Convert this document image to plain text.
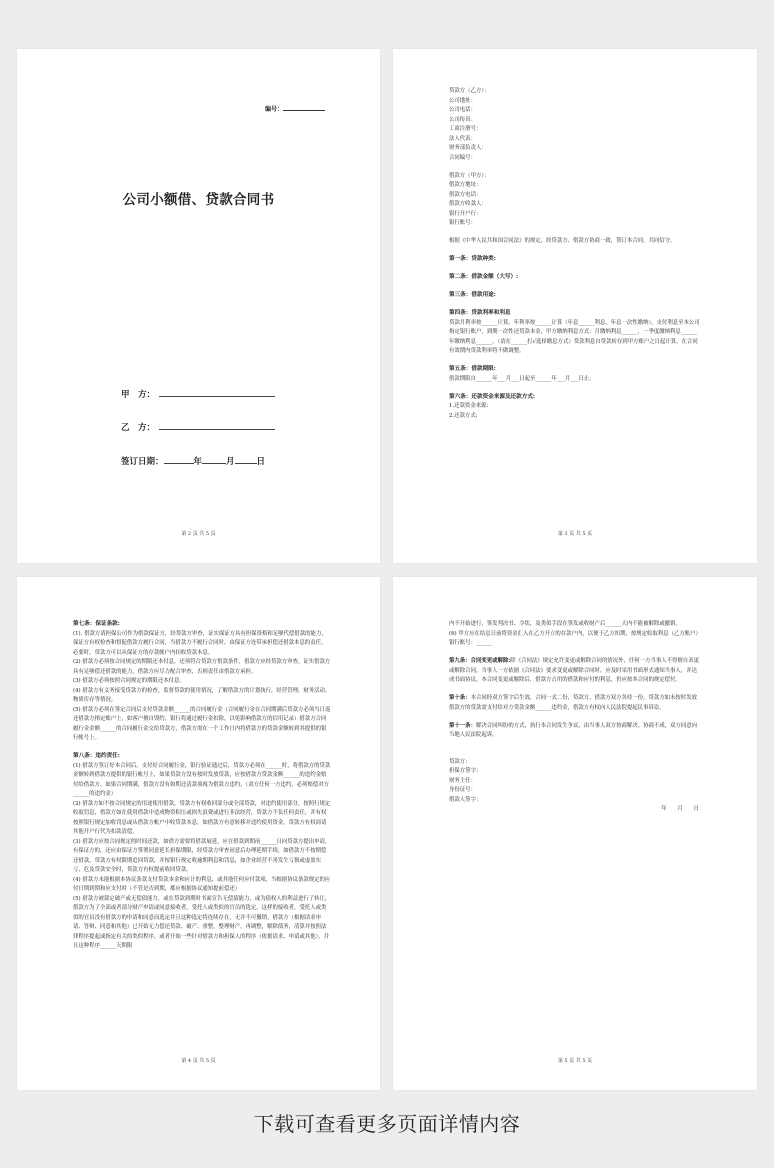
编号：
公司小额借、贷款合同书
甲　方：
乙　方：
签订日期：	年	月	日
第 2 页 共 5 页
贷款方（乙方）：
公司地址：
公司电话：
公司传真：
工商注册号：
法人代表：
财务部负责人：
合同编号：
借款方（甲方）：
借款方地址：
借款方电话：
借款方收款人：
银行开户行：
银行账号：
根据《中华人民共和国合同法》的规定，经贷款方、借款方协商一致，签订本合同，共同信守。
第一条：贷款种类:
第二条：借款金额（大写）:
第三条：借款用途:
第四条：贷款利率和利息
贷款月利率按______计算，年利率按______计算（年息______利息，年息一次性缴纳），支付利息至本公司指定银行账户，到期一次性还贷款本金，甲方缴纳利息方式：月缴纳利息______，一季度缴纳利息______年缴纳利息______。（请在______打√选择缴息方式）贷款利息自贷款转存到甲方账户之日起计算，在合同有效期内贷款利率将不做调整。
第五条：借款期限:
借款期限自______年___月___日起至______年___月___日止。
第六条：还款资金来源及还款方式:
1.还款资金来源:
2.还款方式:
第 3 页 共 5 页
第七条：保证条款:
(1). 借款方请担保公司作为借款保证方，经贷款方审查，证实保证方具有担保资格和足够代偿借款的能力，保证方有权检查和督促借款方履行合同，当借款方不履行合同时，由保证方连带承担偿还借款本息的责任。必要时，贷款方可以从保证方的存款帐户内扣收贷款本息。
(2) 借款方必须按合同规定的期限还本付息，还须符合贷款方借款条件，借款方应经贷款方审查，证实借款方具有足够偿还借款的能力，借款方应尽力配合审查，否则责任由借款方承担。
(3) 借款方必须按照合同规定的期限还本付息。
(4) 借款方有义务接受贷款方的检查，监督贷款的使用情况，了解借款方的计划执行，经营管理，财务活动、物质库存等情况。
(5) 借款方必须在签定合同后支付贷款金额______的合同履行金（合同履行金在合同期满后贷款方必须当日返还借款方指定账户上，如客户擅自毁约，银行将通过履行金扣除，以免影响借款方的信用记录）借款方合同履行金金额______的合同履行金交给贷款方，借款方需在一个工作日内将借款方的贷款金额转到其提供的银行帐号上。
第八条：违约责任:
(1) 借款方签订好本合同后，支付好合同履行金，银行验证通过后，贷款方必须在______时，将借款方的贷款金额转到借款方提供的银行帐号上，如果贷款方没有按时发放贷款，应按借款方贷款金额______的违约金赔付给借款方，如果合同期满，借款方没有如期还清款项视为借款方违约。（双方任何一方违约，必须赔偿对方______的违约金）
(2) 借款方如不按合同规定的用途使用借款，贷款方有权收回部分或全部贷款，对违约使用部分，按照行规定收取罚息，借款方如在使用借款中造成物资积压或损失浪费或进行非法经营，贷款方不负任何责任，并有权按照银行规定加收罚息或从借款方帐户中收贷款本息，如借款方有意转移并违约使用资金，贷款方有权商请其他开户行代为扣款清偿。
(3) 借款方应按合同规定的时间还款，如借方需要将借款展延，应在借款到期前______日向贷款方提出申请，有保证方的，还应由保证方签署同意延长担保期限，经贷款方审查同意后办理延期手续，如借款方不按期偿还借款，贷款方有权限期追回贷款，并按银行规定收逾期利息和罚息，如企业经营不善发生亏损或虚盈实亏，危及贷款安全时，贷款方有权提前收回贷款。
(4) 借款方未能根据本协议条款支付贷款本金和应计的利息，或其他任何应付款项，当根据协议条款规定的应付日期到期和应支付时（不管是否到期，都应根据协议通知提前偿还）
(5) 借款方被裁定破产或无偿债能力，或在贷款到期时书面宣告无偿债能力，或为债权人的利益进行了转让，借款方为了全部或者部分财产申请或同意接收者，受托人或类似的官员的选定，这样的接收者，受托人或类似的官员没有借款方的申请和同意而选定并且这种选定将连续存在，无并不可撤销，借款方（根据请求申请、答辩、同意和其他）已开始无力偿还贷款、破产、重整，整理财产，再调整，解除债务，清算并按照法律程序提起或指定有关的类似程序，或者开始一些针对借款方和担保人的程序（依据请求、申请或其他），并且这种程序______天期限
第 4 页 共 5 页
内不开始进行，签发判决书、令状，及类似手段在签发或收财产后______天内不能被解除或撤销。
(6) 甲方应在结息日前将资金汇入在乙方开立的存款户内，以便于乙方扣期，按规定收取利息（乙方账户）银行账号：______
第九条：合同变更或解除:除《合同法》规定允许变更或解除合同的情况外，任何一方当事人不得擅自表更或解除合同，当事人一方依据《合同法》要求变更或解除合同时，应及时采用书面形式通知当事人，并达成书面协议，本合同变更或解除后，借款方占用的借款和应付的利息，仍应按本合同的规定偿付。
第十条：本合同经双方签字后生效，合同一式二份，贷款方、借款方双方各持一份，贷款方如未按时发放借款方的贷款需支付给对方贷款金额______违约金，借款方有权向人民法院提起民事诉讼。
第十一条：解决合同纠纷的方式，执行本合同发生争议，由当事人双方协商解决。协商不成，双方同意向当地人民法院起诉。
贷款方：
担保方签字：
财务主任：
身份证号：
借款人签字：
年　　月　　日
第 5 页 共 5 页
下载可查看更多页面详情内容
